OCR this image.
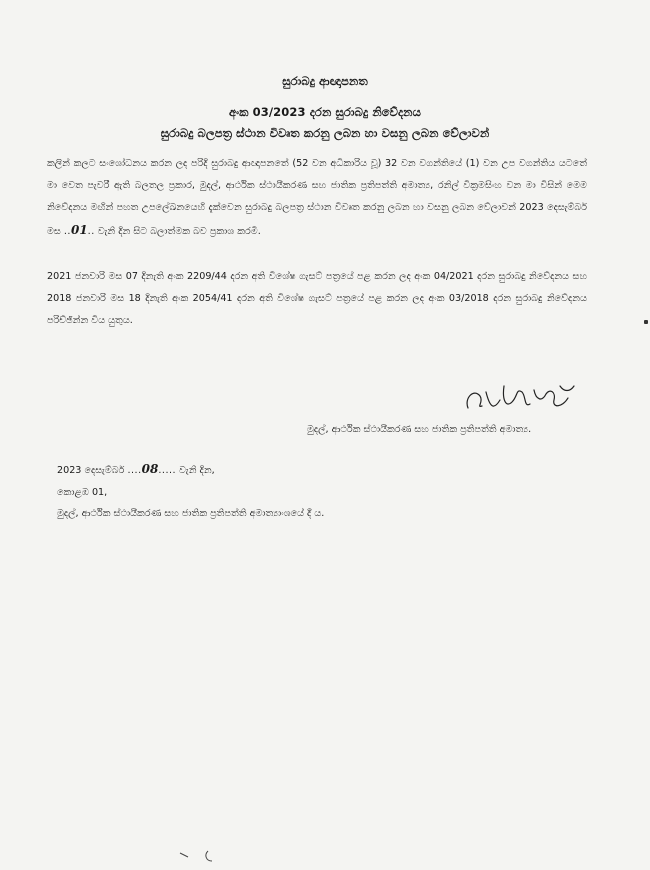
සුරාබදු ආඥාපනත
අංක 03/2023 දරන සුරාබදු නිවේදනය
සුරාබදු බලපත්‍ර ස්ථාන විවෘත කරනු ලබන හා වසනු ලබන වේලාවන්
කලින් කලට සංශෝධනය කරන ලද පරිදි සුරාබදු ආඥාපනතේ (52 වන අධිකාරිය වූ) 32 වන වගන්තියේ (1) වන උප වගන්තිය යටතේ මා වෙත පැවරී ඇති බලතල ප්‍රකාර, මුදල්, ආර්ථික ස්ථායීකරණ සහ ජාතික ප්‍රතිපත්ති අමාත්‍ය, රනිල් වික්‍රමසිංහ වන මා විසින් මෙම නිවේදනය මඟින් පහත උපලේඛනයෙහි දැක්වෙන සුරාබදු බලපත්‍ර ස්ථාන විවෘත කරනු ලබන හා වසනු ලබන වේලාවන් 2023 දෙසැම්බර් මස ..01.. වැනි දින සිට බලාත්මක බව ප්‍රකාශ කරමි.
2021 ජනවාරි මස 07 දිනැති අංක 2209/44 දරන අති විශේෂ ගැසට් පත්‍රයේ පළ කරන ලද අංක 04/2021 දරන සුරාබදු නිවේදනය සහ 2018 ජනවාරි මස 18 දිනැති අංක 2054/41 දරන අති විශේෂ ගැසට් පත්‍රයේ පළ කරන ලද අංක 03/2018 දරන සුරාබදු නිවේදනය පරිච්ඡින්න විය යුතුය.
මුදල්, ආර්ථික ස්ථායීකරණ සහ ජාතික ප්‍රතිපත්ති අමාත්‍ය.
2023 දෙසැම්බර් ....08..... වැනි දින,
කොළඹ 01,
මුදල්, ආර්ථික ස්ථායීකරණ සහ ජාතික ප්‍රතිපත්ති අමාත්‍යාංශයේ දී ය.
